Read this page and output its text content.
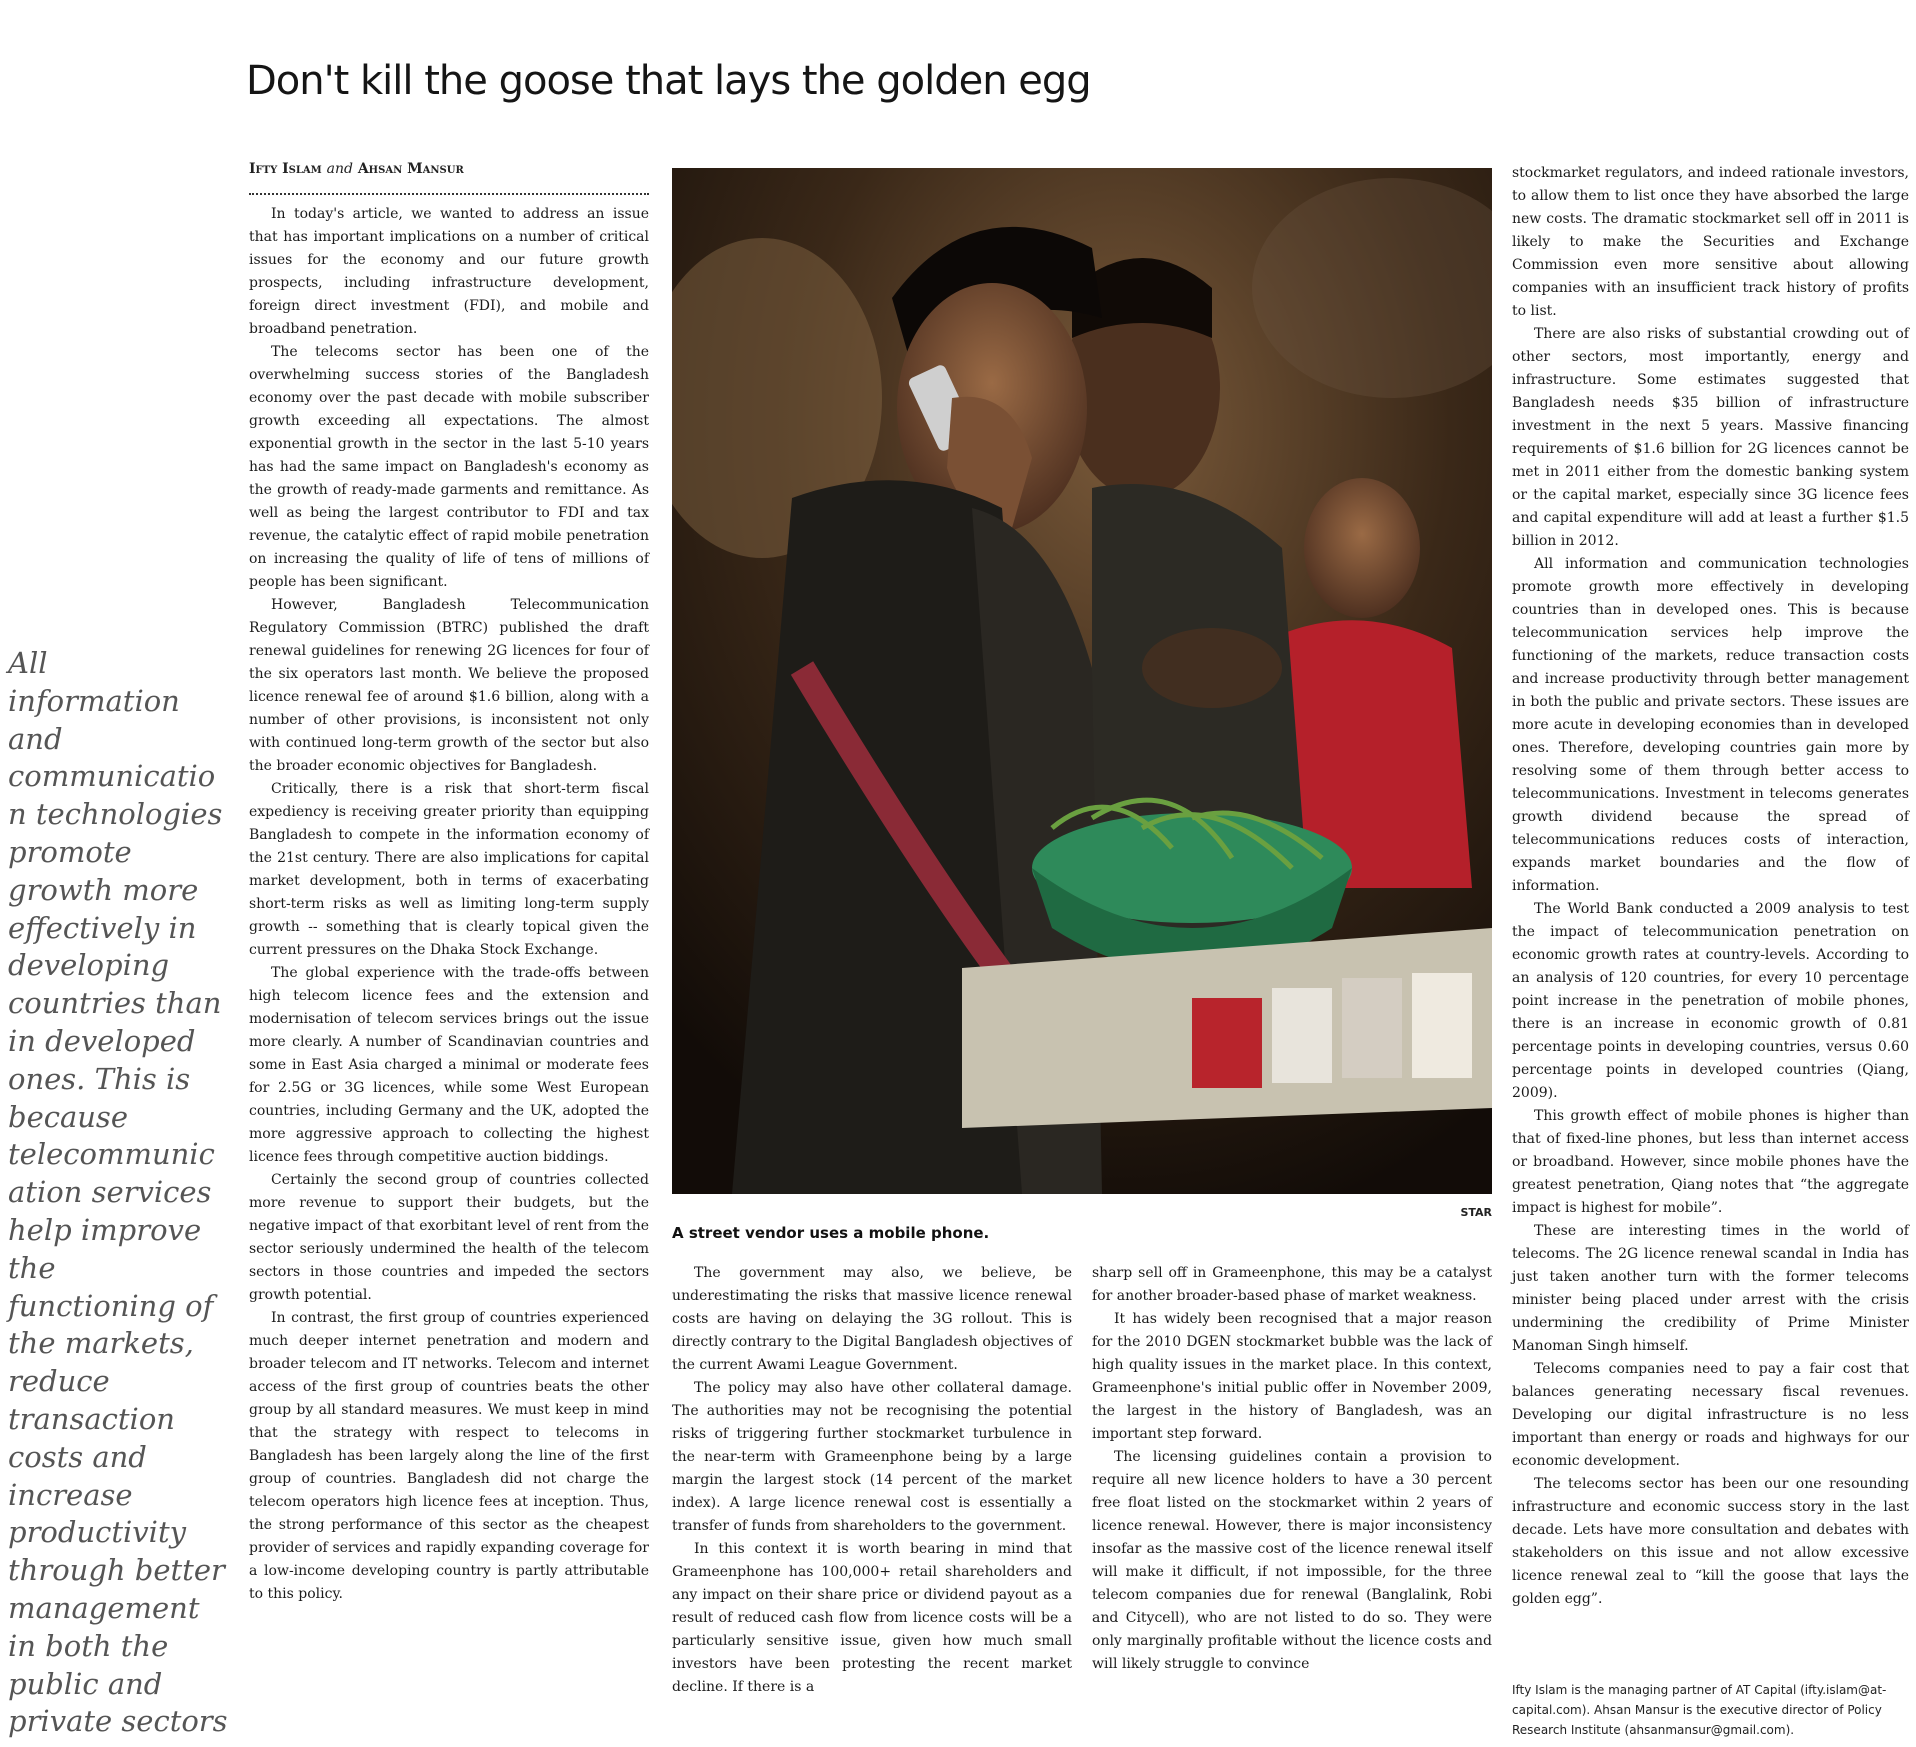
Don't kill the goose that lays the golden egg
All
information
and
communicatio
n technologies
promote
growth more
effectively in
developing
countries than
in developed
ones. This is
because
telecommunic
ation services
help improve
the
functioning of
the markets,
reduce
transaction
costs and
increase
productivity
through better
management
in both the
public and
private sectors
Ifty Islam and Ahsan Mansur

In today's article, we wanted to address an issue that has important implications on a number of critical issues for the economy and our future growth prospects, including infrastructure development, foreign direct investment (FDI), and mobile and broadband penetration.

The telecoms sector has been one of the overwhelming success stories of the Bangladesh economy over the past decade with mobile subscriber growth exceeding all expectations. The almost exponential growth in the sector in the last 5-10 years has had the same impact on Bangladesh's economy as the growth of ready-made garments and remittance. As well as being the largest contributor to FDI and tax revenue, the catalytic effect of rapid mobile penetration on increasing the quality of life of tens of millions of people has been significant.

However, Bangladesh Telecommunication Regulatory Commission (BTRC) published the draft renewal guidelines for renewing 2G licences for four of the six operators last month. We believe the proposed licence renewal fee of around $1.6 billion, along with a number of other provisions, is inconsistent not only with continued long-term growth of the sector but also the broader economic objectives for Bangladesh.

Critically, there is a risk that short-term fiscal expediency is receiving greater priority than equipping Bangladesh to compete in the information economy of the 21st century. There are also implications for capital market development, both in terms of exacerbating short-term risks as well as limiting long-term supply growth -- something that is clearly topical given the current pressures on the Dhaka Stock Exchange.

The global experience with the trade-offs between high telecom licence fees and the extension and modernisation of telecom services brings out the issue more clearly. A number of Scandinavian countries and some in East Asia charged a minimal or moderate fees for 2.5G or 3G licences, while some West European countries, including Germany and the UK, adopted the more aggressive approach to collecting the highest licence fees through competitive auction biddings.

Certainly the second group of countries collected more revenue to support their budgets, but the negative impact of that exorbitant level of rent from the sector seriously undermined the health of the telecom sectors in those countries and impeded the sectors growth potential.

In contrast, the first group of countries experienced much deeper internet penetration and modern and broader telecom and IT networks. Telecom and internet access of the first group of countries beats the other group by all standard measures. We must keep in mind that the strategy with respect to telecoms in Bangladesh has been largely along the line of the first group of countries. Bangladesh did not charge the telecom operators high licence fees at inception. Thus, the strong performance of this sector as the cheapest provider of services and rapidly expanding coverage for a low-income developing country is partly attributable to this policy.

STAR
A street vendor uses a mobile phone.

The government may also, we believe, be underestimating the risks that massive licence renewal costs are having on delaying the 3G rollout. This is directly contrary to the Digital Bangladesh objectives of the current Awami League Government.

The policy may also have other collateral damage. The authorities may not be recognising the potential risks of triggering further stockmarket turbulence in the near-term with Grameenphone being by a large margin the largest stock (14 percent of the market index). A large licence renewal cost is essentially a transfer of funds from shareholders to the government.

In this context it is worth bearing in mind that Grameenphone has 100,000+ retail shareholders and any impact on their share price or dividend payout as a result of reduced cash flow from licence costs will be a particularly sensitive issue, given how much small investors have been protesting the recent market decline. If there is a

sharp sell off in Grameenphone, this may be a catalyst for another broader-based phase of market weakness.

It has widely been recognised that a major reason for the 2010 DGEN stockmarket bubble was the lack of high quality issues in the market place. In this context, Grameenphone's initial public offer in November 2009, the largest in the history of Bangladesh, was an important step forward.

The licensing guidelines contain a provision to require all new licence holders to have a 30 percent free float listed on the stockmarket within 2 years of licence renewal. However, there is major inconsistency insofar as the massive cost of the licence renewal itself will make it difficult, if not impossible, for the three telecom companies due for renewal (Banglalink, Robi and Citycell), who are not listed to do so. They were only marginally profitable without the licence costs and will likely struggle to convince

stockmarket regulators, and indeed rationale investors, to allow them to list once they have absorbed the large new costs. The dramatic stockmarket sell off in 2011 is likely to make the Securities and Exchange Commission even more sensitive about allowing companies with an insufficient track history of profits to list.

There are also risks of substantial crowding out of other sectors, most importantly, energy and infrastructure. Some estimates suggested that Bangladesh needs $35 billion of infrastructure investment in the next 5 years. Massive financing requirements of $1.6 billion for 2G licences cannot be met in 2011 either from the domestic banking system or the capital market, especially since 3G licence fees and capital expenditure will add at least a further $1.5 billion in 2012.

All information and communication technologies promote growth more effectively in developing countries than in developed ones. This is because telecommunication services help improve the functioning of the markets, reduce transaction costs and increase productivity through better management in both the public and private sectors. These issues are more acute in developing economies than in developed ones. Therefore, developing countries gain more by resolving some of them through better access to telecommunications. Investment in telecoms generates growth dividend because the spread of telecommunications reduces costs of interaction, expands market boundaries and the flow of information.

The World Bank conducted a 2009 analysis to test the impact of telecommunication penetration on economic growth rates at country-levels. According to an analysis of 120 countries, for every 10 percentage point increase in the penetration of mobile phones, there is an increase in economic growth of 0.81 percentage points in developing countries, versus 0.60 percentage points in developed countries (Qiang, 2009).

This growth effect of mobile phones is higher than that of fixed-line phones, but less than internet access or broadband. However, since mobile phones have the greatest penetration, Qiang notes that “the aggregate impact is highest for mobile”.

These are interesting times in the world of telecoms. The 2G licence renewal scandal in India has just taken another turn with the former telecoms minister being placed under arrest with the crisis undermining the credibility of Prime Minister Manoman Singh himself.

Telecoms companies need to pay a fair cost that balances generating necessary fiscal revenues. Developing our digital infrastructure is no less important than energy or roads and highways for our economic development.

The telecoms sector has been our one resounding infrastructure and economic success story in the last decade. Lets have more consultation and debates with stakeholders on this issue and not allow excessive licence renewal zeal to “kill the goose that lays the golden egg”.

Ifty Islam is the managing partner of AT Capital (ifty.islam@at-capital.com). Ahsan Mansur is the executive director of Policy Research Institute (ahsanmansur@gmail.com).
